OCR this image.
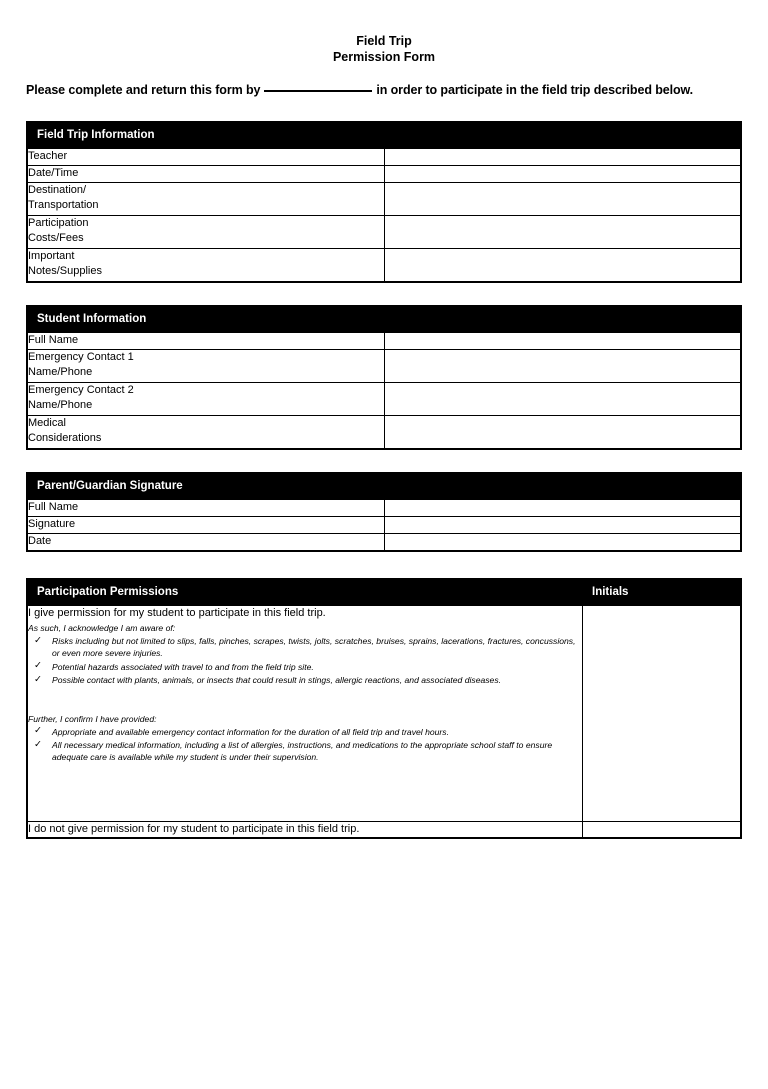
Field Trip
Permission Form
Please complete and return this form by	in order to participate in the field trip described below.
Field Trip Information	
Teacher	
Date/Time	

Destination/
Transportation	

Participation
Costs/Fees	

Important
Notes/Supplies	

Student Information	
Full Name	

Emergency Contact 1
Name/Phone	

Emergency Contact 2
Name/Phone	

Medical
Considerations	

Parent/Guardian Signature	
Full Name	
Signature	
Date	
Participation Permissions	Initials

I give permission for my student to participate in this field trip.

As such, I acknowledge I am aware of:

✓ Risks including but not limited to slips, falls, pinches, scrapes, twists, jolts, scratches, bruises, sprains, lacerations, fractures, concussions, or even more severe injuries.
✓ Potential hazards associated with travel to and from the field trip site.
✓ Possible contact with plants, animals, or insects that could result in stings, allergic reactions, and associated diseases.

Further, I confirm I have provided:

✓ Appropriate and available emergency contact information for the duration of all field trip and travel hours.
✓ All necessary medical information, including a list of allergies, instructions, and medications to the appropriate school staff to ensure adequate care is available while my student is under their supervision.

I do not give permission for my student to participate in this field trip.	
